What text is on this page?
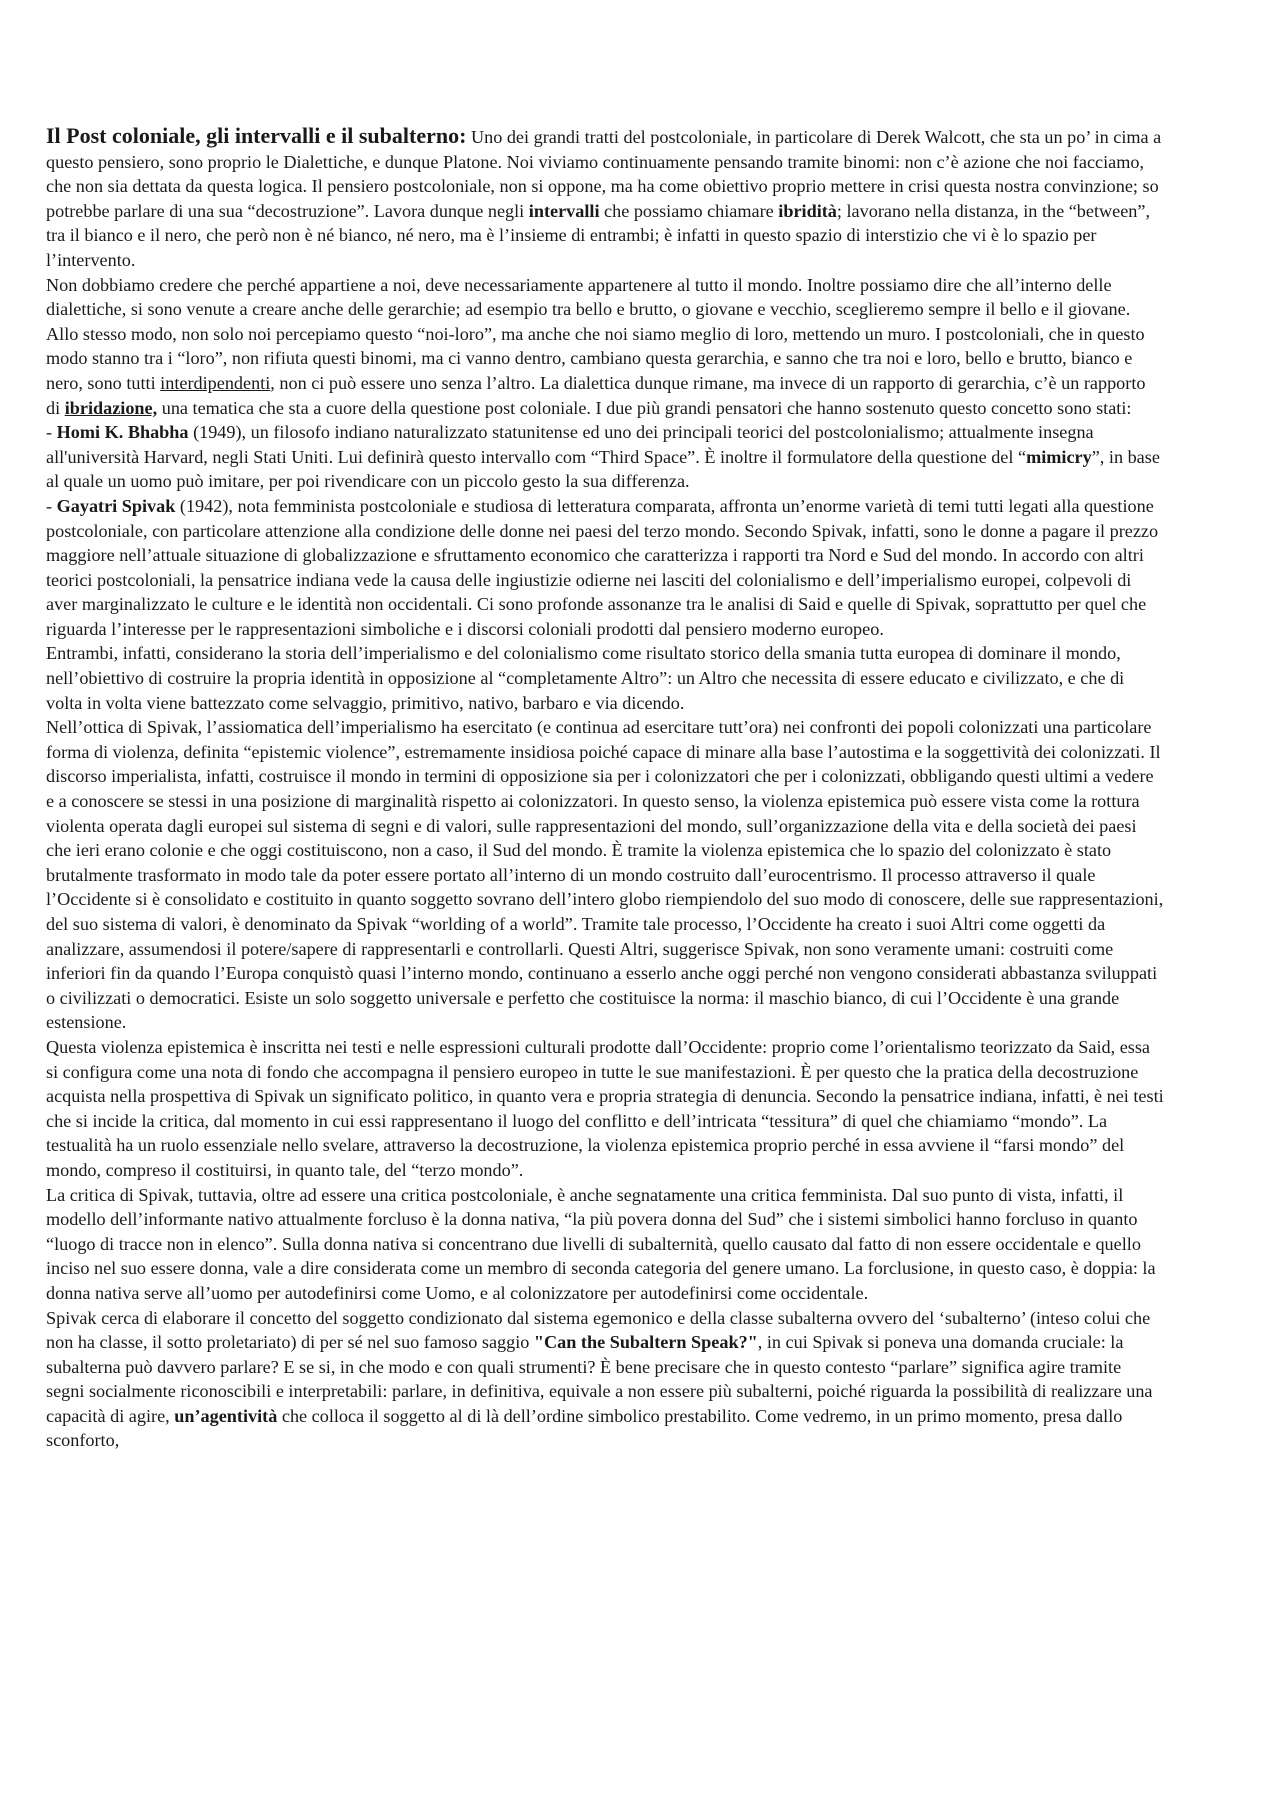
Il Post coloniale, gli intervalli e il subalterno: Uno dei grandi tratti del postcoloniale, in particolare di Derek Walcott, che sta un po’ in cima a questo pensiero, sono proprio le Dialettiche, e dunque Platone. Noi viviamo continuamente pensando tramite binomi: non c’è azione che noi facciamo, che non sia dettata da questa logica. Il pensiero postcoloniale, non si oppone, ma ha come obiettivo proprio mettere in crisi questa nostra convinzione; so potrebbe parlare di una sua “decostruzione”. Lavora dunque negli intervalli che possiamo chiamare ibridità; lavorano nella distanza, in the “between”, tra il bianco e il nero, che però non è né bianco, né nero, ma è l’insieme di entrambi; è infatti in questo spazio di interstizio che vi è lo spazio per l’intervento.

Non dobbiamo credere che perché appartiene a noi, deve necessariamente appartenere al tutto il mondo. Inoltre possiamo dire che all’interno delle dialettiche, si sono venute a creare anche delle gerarchie; ad esempio tra bello e brutto, o giovane e vecchio, sceglieremo sempre il bello e il giovane. Allo stesso modo, non solo noi percepiamo questo “noi-loro”, ma anche che noi siamo meglio di loro, mettendo un muro. I postcoloniali, che in questo modo stanno tra i “loro”, non rifiuta questi binomi, ma ci vanno dentro, cambiano questa gerarchia, e sanno che tra noi e loro, bello e brutto, bianco e nero, sono tutti interdipendenti, non ci può essere uno senza l’altro. La dialettica dunque rimane, ma invece di un rapporto di gerarchia, c’è un rapporto di ibridazione, una tematica che sta a cuore della questione post coloniale. I due più grandi pensatori che hanno sostenuto questo concetto sono stati:

- Homi K. Bhabha (1949), un filosofo indiano naturalizzato statunitense ed uno dei principali teorici del postcolonialismo; attualmente insegna all'università Harvard, negli Stati Uniti. Lui definirà questo intervallo com “Third Space”. È inoltre il formulatore della questione del “mimicry”, in base al quale un uomo può imitare, per poi rivendicare con un piccolo gesto la sua differenza.

- Gayatri Spivak (1942), nota femminista postcoloniale e studiosa di letteratura comparata, affronta un’enorme varietà di temi tutti legati alla questione postcoloniale, con particolare attenzione alla condizione delle donne nei paesi del terzo mondo. Secondo Spivak, infatti, sono le donne a pagare il prezzo maggiore nell’attuale situazione di globalizzazione e sfruttamento economico che caratterizza i rapporti tra Nord e Sud del mondo. In accordo con altri teorici postcoloniali, la pensatrice indiana vede la causa delle ingiustizie odierne nei lasciti del colonialismo e dell’imperialismo europei, colpevoli di aver marginalizzato le culture e le identità non occidentali. Ci sono profonde assonanze tra le analisi di Said e quelle di Spivak, soprattutto per quel che riguarda l’interesse per le rappresentazioni simboliche e i discorsi coloniali prodotti dal pensiero moderno europeo.

Entrambi, infatti, considerano la storia dell’imperialismo e del colonialismo come risultato storico della smania tutta europea di dominare il mondo, nell’obiettivo di costruire la propria identità in opposizione al “completamente Altro”: un Altro che necessita di essere educato e civilizzato, e che di volta in volta viene battezzato come selvaggio, primitivo, nativo, barbaro e via dicendo.

Nell’ottica di Spivak, l’assiomatica dell’imperialismo ha esercitato (e continua ad esercitare tutt’ora) nei confronti dei popoli colonizzati una particolare forma di violenza, definita “epistemic violence”, estremamente insidiosa poiché capace di minare alla base l’autostima e la soggettività dei colonizzati. Il discorso imperialista, infatti, costruisce il mondo in termini di opposizione sia per i colonizzatori che per i colonizzati, obbligando questi ultimi a vedere e a conoscere se stessi in una posizione di marginalità rispetto ai colonizzatori. In questo senso, la violenza epistemica può essere vista come la rottura violenta operata dagli europei sul sistema di segni e di valori, sulle rappresentazioni del mondo, sull’organizzazione della vita e della società dei paesi che ieri erano colonie e che oggi costituiscono, non a caso, il Sud del mondo. È tramite la violenza epistemica che lo spazio del colonizzato è stato brutalmente trasformato in modo tale da poter essere portato all’interno di un mondo costruito dall’eurocentrismo. Il processo attraverso il quale l’Occidente si è consolidato e costituito in quanto soggetto sovrano dell’intero globo riempiendolo del suo modo di conoscere, delle sue rappresentazioni, del suo sistema di valori, è denominato da Spivak “worlding of a world”. Tramite tale processo, l’Occidente ha creato i suoi Altri come oggetti da analizzare, assumendosi il potere/sapere di rappresentarli e controllarli. Questi Altri, suggerisce Spivak, non sono veramente umani: costruiti come inferiori fin da quando l’Europa conquistò quasi l’interno mondo, continuano a esserlo anche oggi perché non vengono considerati abbastanza sviluppati o civilizzati o democratici. Esiste un solo soggetto universale e perfetto che costituisce la norma: il maschio bianco, di cui l’Occidente è una grande estensione.

Questa violenza epistemica è inscritta nei testi e nelle espressioni culturali prodotte dall’Occidente: proprio come l’orientalismo teorizzato da Said, essa si configura come una nota di fondo che accompagna il pensiero europeo in tutte le sue manifestazioni. È per questo che la pratica della decostruzione acquista nella prospettiva di Spivak un significato politico, in quanto vera e propria strategia di denuncia. Secondo la pensatrice indiana, infatti, è nei testi che si incide la critica, dal momento in cui essi rappresentano il luogo del conflitto e dell’intricata “tessitura” di quel che chiamiamo “mondo”. La testualità ha un ruolo essenziale nello svelare, attraverso la decostruzione, la violenza epistemica proprio perché in essa avviene il “farsi mondo” del mondo, compreso il costituirsi, in quanto tale, del “terzo mondo”.

La critica di Spivak, tuttavia, oltre ad essere una critica postcoloniale, è anche segnatamente una critica femminista. Dal suo punto di vista, infatti, il modello dell’informante nativo attualmente forcluso è la donna nativa, “la più povera donna del Sud” che i sistemi simbolici hanno forcluso in quanto “luogo di tracce non in elenco”. Sulla donna nativa si concentrano due livelli di subalternità, quello causato dal fatto di non essere occidentale e quello inciso nel suo essere donna, vale a dire considerata come un membro di seconda categoria del genere umano. La forclusione, in questo caso, è doppia: la donna nativa serve all’uomo per autodefinirsi come Uomo, e al colonizzatore per autodefinirsi come occidentale.

Spivak cerca di elaborare il concetto del soggetto condizionato dal sistema egemonico e della classe subalterna ovvero del ‘subalterno’ (inteso colui che non ha classe, il sotto proletariato) di per sé nel suo famoso saggio "Can the Subaltern Speak?", in cui Spivak si poneva una domanda cruciale: la subalterna può davvero parlare? E se si, in che modo e con quali strumenti? È bene precisare che in questo contesto “parlare” significa agire tramite segni socialmente riconoscibili e interpretabili: parlare, in definitiva, equivale a non essere più subalterni, poiché riguarda la possibilità di realizzare una capacità di agire, un’agentività che colloca il soggetto al di là dell’ordine simbolico prestabilito. Come vedremo, in un primo momento, presa dallo sconforto,
